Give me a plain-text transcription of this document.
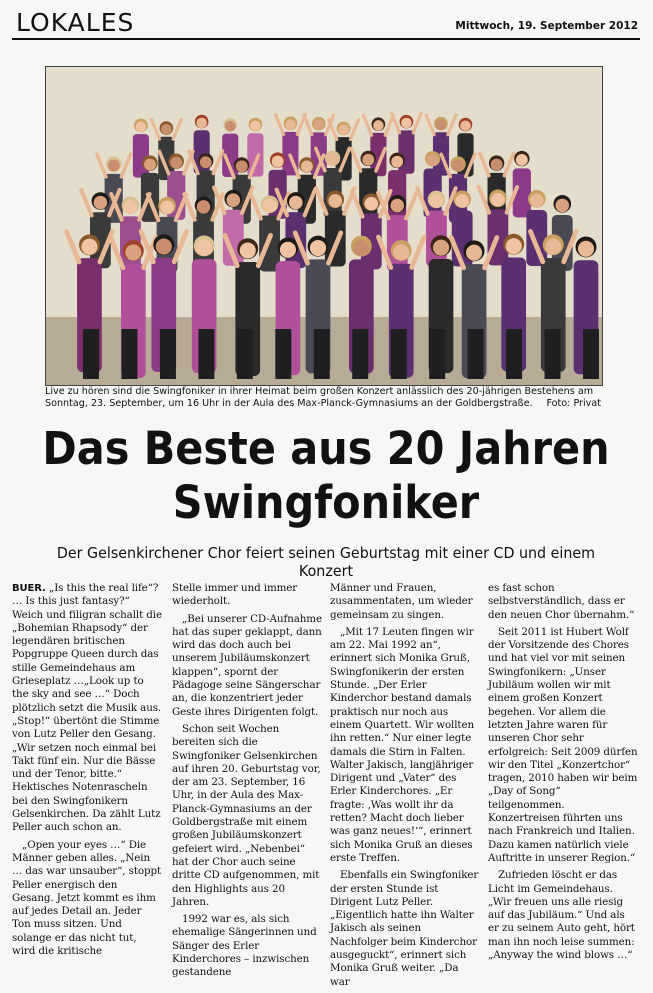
LOKALES	Mittwoch, 19. September 2012
Live zu hören sind die Swingfoniker in ihrer Heimat beim großen Konzert anlässlich des 20-jährigen Bestehens am Sonntag, 23. September, um 16 Uhr in der Aula des Max-Planck-Gymnasiums an der Goldbergstraße. Foto: Privat
Das Beste aus 20 Jahren
Swingfoniker
Der Gelsenkirchener Chor feiert seinen Geburtstag mit einer CD und einem Konzert

BUER. „Is this the real life“? … Is this just fantasy?“ Weich und filigran schallt die „Bohemian Rhapsody“ der legendären britischen Popgruppe Queen durch das stille Gemeindehaus am Grieseplatz …„Look up to the sky and see …“ Doch plötzlich setzt die Musik aus. „Stop!“ übertönt die Stimme von Lutz Peller den Gesang. „Wir setzen noch einmal bei Takt fünf ein. Nur die Bässe und der Tenor, bitte.“ Hektisches Notenrascheln bei den Swingfonikern Gelsenkirchen. Da zählt Lutz Peller auch schon an.

„Open your eyes …“ Die Männer geben alles. „Nein … das war unsauber“, stoppt Peller energisch den Gesang. Jetzt kommt es ihm auf jedes Detail an. Jeder Ton muss sitzen. Und solange er das nicht tut, wird die kritische

Stelle immer und immer wiederholt.

„Bei unserer CD-Aufnahme hat das super geklappt, dann wird das doch auch bei unserem Jubiläumskonzert klappen“, spornt der Pädagoge seine Sängerschar an, die konzentriert jeder Geste ihres Dirigenten folgt.

Schon seit Wochen bereiten sich die Swingfoniker Gelsenkirchen auf ihren 20. Geburtstag vor, der am 23. September, 16 Uhr, in der Aula des Max-Planck-Gymnasiums an der Goldbergstraße mit einem großen Jubiläumskonzert gefeiert wird. „Nebenbei“ hat der Chor auch seine dritte CD aufgenommen, mit den Highlights aus 20 Jahren.

1992 war es, als sich ehemalige Sängerinnen und Sänger des Erler Kinderchores – inzwischen gestandene

Männer und Frauen, zusammentaten, um wieder gemeinsam zu singen.

„Mit 17 Leuten fingen wir am 22. Mai 1992 an“, erinnert sich Monika Gruß, Swingfonikerin der ersten Stunde. „Der Erler Kinderchor bestand damals praktisch nur noch aus einem Quartett. Wir wollten ihn retten.“ Nur einer legte damals die Stirn in Falten. Walter Jakisch, langjähriger Dirigent und „Vater“ des Erler Kinderchores. „Er fragte: ‚Was wollt ihr da retten? Macht doch lieber was ganz neues!‘“, erinnert sich Monika Gruß an dieses erste Treffen.

Ebenfalls ein Swingfoniker der ersten Stunde ist Dirigent Lutz Peller. „Eigentlich hatte ihn Walter Jakisch als seinen Nachfolger beim Kinderchor ausgeguckt“, erinnert sich Monika Gruß weiter. „Da war

es fast schon selbstverständlich, dass er den neuen Chor übernahm.“

Seit 2011 ist Hubert Wolf der Vorsitzende des Chores und hat viel vor mit seinen Swingfonikern: „Unser Jubiläum wollen wir mit einem großen Konzert begehen. Vor allem die letzten Jahre waren für unseren Chor sehr erfolgreich: Seit 2009 dürfen wir den Titel „Konzertchor“ tragen, 2010 haben wir beim „Day of Song“ teilgenommen. Konzertreisen führten uns nach Frankreich und Italien. Dazu kamen natürlich viele Auftritte in unserer Region.“

Zufrieden löscht er das Licht im Gemeindehaus. „Wir freuen uns alle riesig auf das Jubiläum.“ Und als er zu seinem Auto geht, hört man ihn noch leise summen: „Anyway the wind blows …“
